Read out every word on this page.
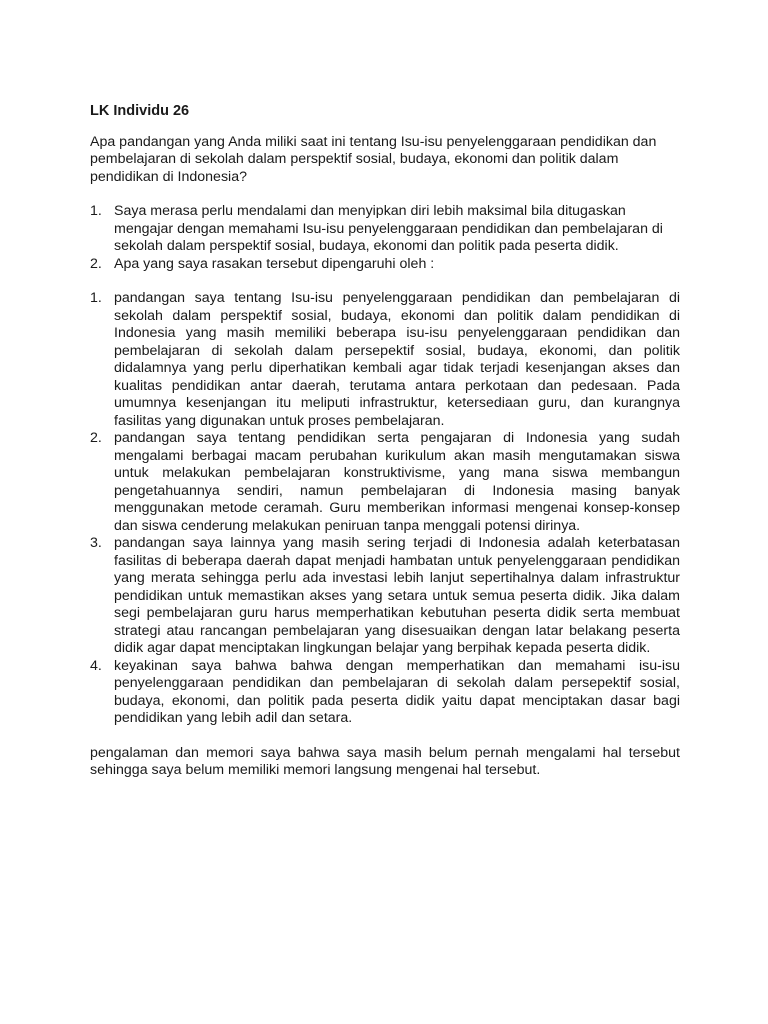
LK Individu 26

Apa pandangan yang Anda miliki saat ini tentang Isu-isu penyelenggaraan pendidikan dan pembelajaran di sekolah dalam perspektif sosial, budaya, ekonomi dan politik dalam pendidikan di Indonesia?

1. Saya merasa perlu mendalami dan menyipkan diri lebih maksimal bila ditugaskan mengajar dengan memahami Isu-isu penyelenggaraan pendidikan dan pembelajaran di sekolah dalam perspektif sosial, budaya, ekonomi dan politik pada peserta didik.
2. Apa yang saya rasakan tersebut dipengaruhi oleh :
1. pandangan saya tentang Isu-isu penyelenggaraan pendidikan dan pembelajaran di sekolah dalam perspektif sosial, budaya, ekonomi dan politik dalam pendidikan di Indonesia yang masih memiliki beberapa isu-isu penyelenggaraan pendidikan dan pembelajaran di sekolah dalam persepektif sosial, budaya, ekonomi, dan politik didalamnya yang perlu diperhatikan kembali agar tidak terjadi kesenjangan akses dan kualitas pendidikan antar daerah, terutama antara perkotaan dan pedesaan. Pada umumnya kesenjangan itu meliputi infrastruktur, ketersediaan guru, dan kurangnya fasilitas yang digunakan untuk proses pembelajaran.
2. pandangan saya tentang pendidikan serta pengajaran di Indonesia yang sudah mengalami berbagai macam perubahan kurikulum akan masih mengutamakan siswa untuk melakukan pembelajaran konstruktivisme, yang mana siswa membangun pengetahuannya sendiri, namun pembelajaran di Indonesia masing banyak menggunakan metode ceramah. Guru memberikan informasi mengenai konsep-konsep dan siswa cenderung melakukan peniruan tanpa menggali potensi dirinya.
3. pandangan saya lainnya yang masih sering terjadi di Indonesia adalah keterbatasan fasilitas di beberapa daerah dapat menjadi hambatan untuk penyelenggaraan pendidikan yang merata sehingga perlu ada investasi lebih lanjut sepertihalnya dalam infrastruktur pendidikan untuk memastikan akses yang setara untuk semua peserta didik. Jika dalam segi pembelajaran guru harus memperhatikan kebutuhan peserta didik serta membuat strategi atau rancangan pembelajaran yang disesuaikan dengan latar belakang peserta didik agar dapat menciptakan lingkungan belajar yang berpihak kepada peserta didik.
4. keyakinan saya bahwa bahwa dengan memperhatikan dan memahami isu-isu penyelenggaraan pendidikan dan pembelajaran di sekolah dalam persepektif sosial, budaya, ekonomi, dan politik pada peserta didik yaitu dapat menciptakan dasar bagi pendidikan yang lebih adil dan setara.

pengalaman dan memori saya bahwa saya masih belum pernah mengalami hal tersebut sehingga saya belum memiliki memori langsung mengenai hal tersebut.
